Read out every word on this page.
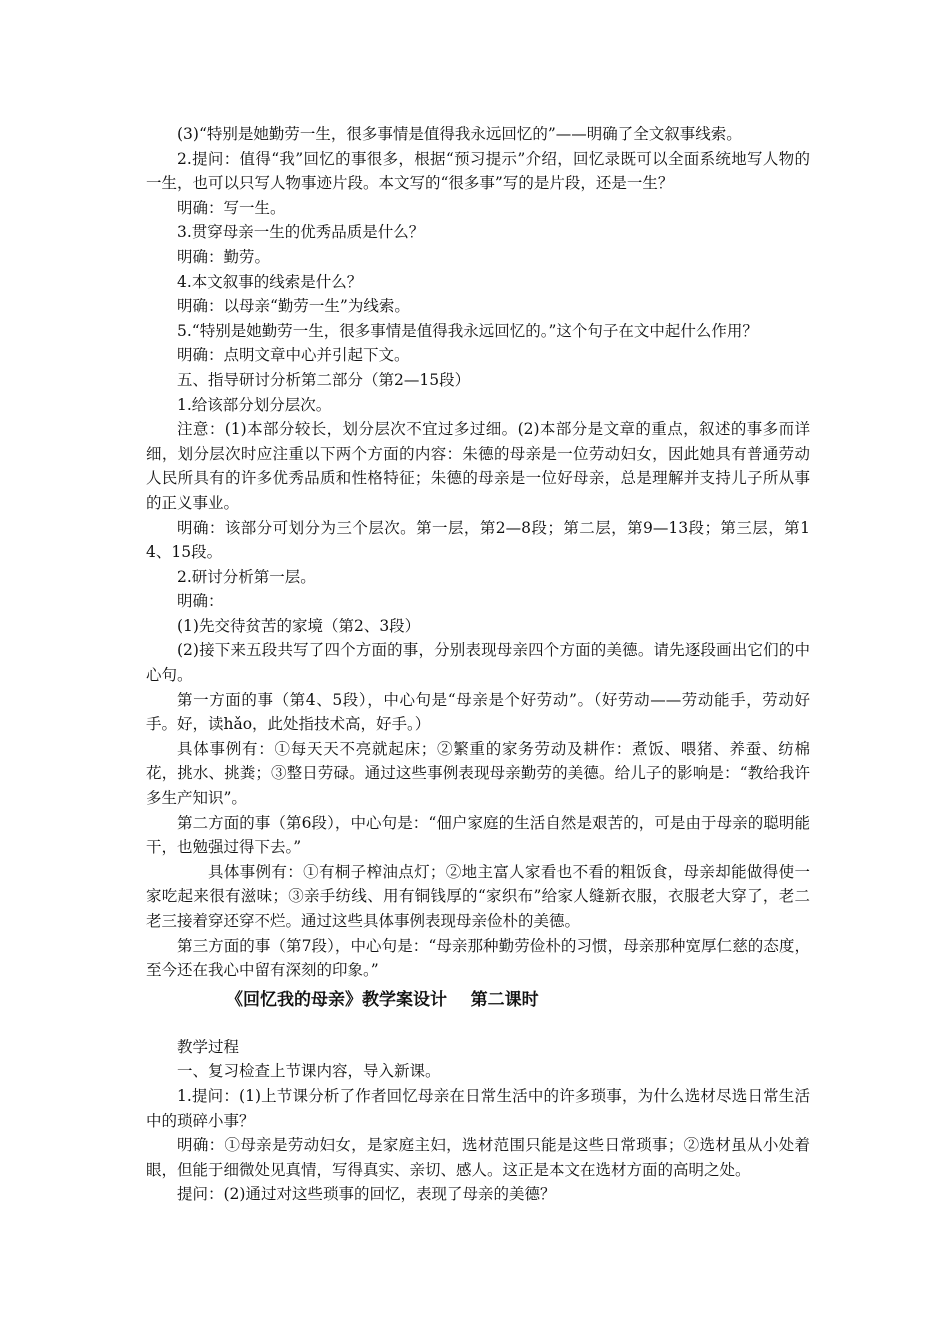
(3)“特别是她勤劳一生，很多事情是值得我永远回忆的”——明确了全文叙事线索。

2.提问：值得“我”回忆的事很多，根据“预习提示”介绍，回忆录既可以全面系统地写人物的一生，也可以只写人物事迹片段。本文写的“很多事”写的是片段，还是一生？

明确：写一生。

3.贯穿母亲一生的优秀品质是什么？

明确：勤劳。

4.本文叙事的线索是什么？

明确：以母亲“勤劳一生”为线索。

5.“特别是她勤劳一生，很多事情是值得我永远回忆的。”这个句子在文中起什么作用？

明确：点明文章中心并引起下文。

五、指导研讨分析第二部分（第2—15段）

1.给该部分划分层次。

注意：(1)本部分较长，划分层次不宜过多过细。(2)本部分是文章的重点，叙述的事多而详细，划分层次时应注重以下两个方面的内容：朱德的母亲是一位劳动妇女，因此她具有普通劳动人民所具有的许多优秀品质和性格特征；朱德的母亲是一位好母亲，总是理解并支持儿子所从事的正义事业。

明确：该部分可划分为三个层次。第一层，第2—8段；第二层，第9—13段；第三层，第14、15段。

2.研讨分析第一层。

明确：

(1)先交待贫苦的家境（第2、3段）

(2)接下来五段共写了四个方面的事，分别表现母亲四个方面的美德。请先逐段画出它们的中心句。

第一方面的事（第4、5段），中心句是“母亲是个好劳动”。（好劳动——劳动能手，劳动好手。好，读hǎo，此处指技术高，好手。）

具体事例有：①每天天不亮就起床；②繁重的家务劳动及耕作：煮饭、喂猪、养蚕、纺棉花，挑水、挑粪；③整日劳碌。通过这些事例表现母亲勤劳的美德。给儿子的影响是：“教给我许多生产知识”。

第二方面的事（第6段），中心句是：“佃户家庭的生活自然是艰苦的，可是由于母亲的聪明能干，也勉强过得下去。”

具体事例有：①有桐子榨油点灯；②地主富人家看也不看的粗饭食，母亲却能做得使一家吃起来很有滋味；③亲手纺线、用有铜钱厚的“家织布”给家人缝新衣服，衣服老大穿了，老二老三接着穿还穿不烂。通过这些具体事例表现母亲俭朴的美德。

第三方面的事（第7段），中心句是：“母亲那种勤劳俭朴的习惯，母亲那种宽厚仁慈的态度，至今还在我心中留有深刻的印象。”

《回忆我的母亲》教学案设计    第二课时

教学过程

一、复习检查上节课内容，导入新课。

1.提问：(1)上节课分析了作者回忆母亲在日常生活中的许多琐事，为什么选材尽选日常生活中的琐碎小事？

明确：①母亲是劳动妇女，是家庭主妇，选材范围只能是这些日常琐事；②选材虽从小处着眼，但能于细微处见真情，写得真实、亲切、感人。这正是本文在选材方面的高明之处。

提问：(2)通过对这些琐事的回忆，表现了母亲的美德？
